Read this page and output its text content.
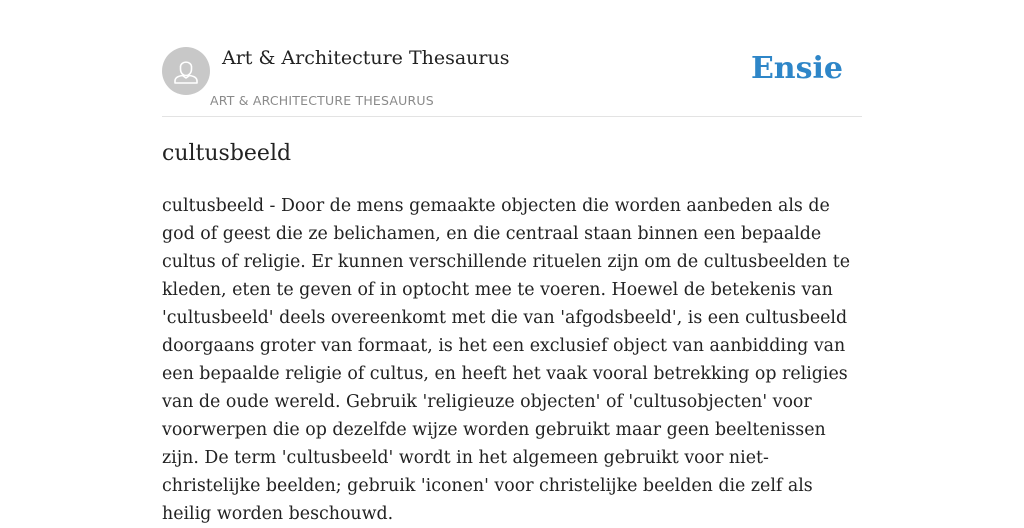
Art & Architecture Thesaurus
ART & ARCHITECTURE THESAURUS
Ensie
cultusbeeld

cultusbeeld - Door de mens gemaakte objecten die worden aanbeden als de god of geest die ze belichamen, en die centraal staan binnen een bepaalde cultus of religie. Er kunnen verschillende rituelen zijn om de cultusbeelden te kleden, eten te geven of in optocht mee te voeren. Hoewel de betekenis van 'cultusbeeld' deels overeenkomt met die van 'afgodsbeeld', is een cultusbeeld doorgaans groter van formaat, is het een exclusief object van aanbidding van een bepaalde religie of cultus, en heeft het vaak vooral betrekking op religies van de oude wereld. Gebruik 'religieuze objecten' of 'cultusobjecten' voor voorwerpen die op dezelfde wijze worden gebruikt maar geen beeltenissen zijn. De term 'cultusbeeld' wordt in het algemeen gebruikt voor niet-christelijke beelden; gebruik 'iconen' voor christelijke beelden die zelf als heilig worden beschouwd.
